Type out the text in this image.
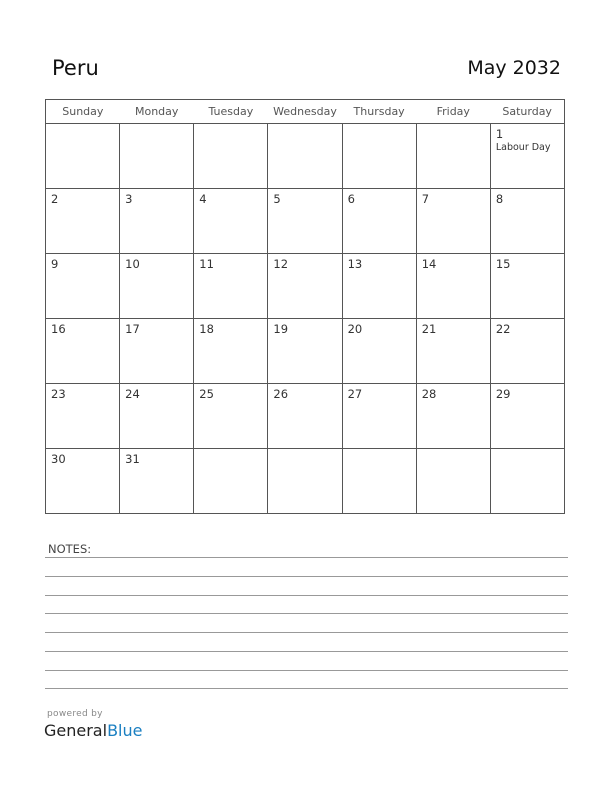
Peru	May 2032
Sunday	Monday	Tuesday	Wednesday	Thursday	Friday	Saturday

						1
Labour Day

2	3	4	5	6	7	8

9	10	11	12	13	14	15

16	17	18	19	20	21	22

23	24	25	26	27	28	29

30	31					

NOTES:
powered by
GeneralBlue
